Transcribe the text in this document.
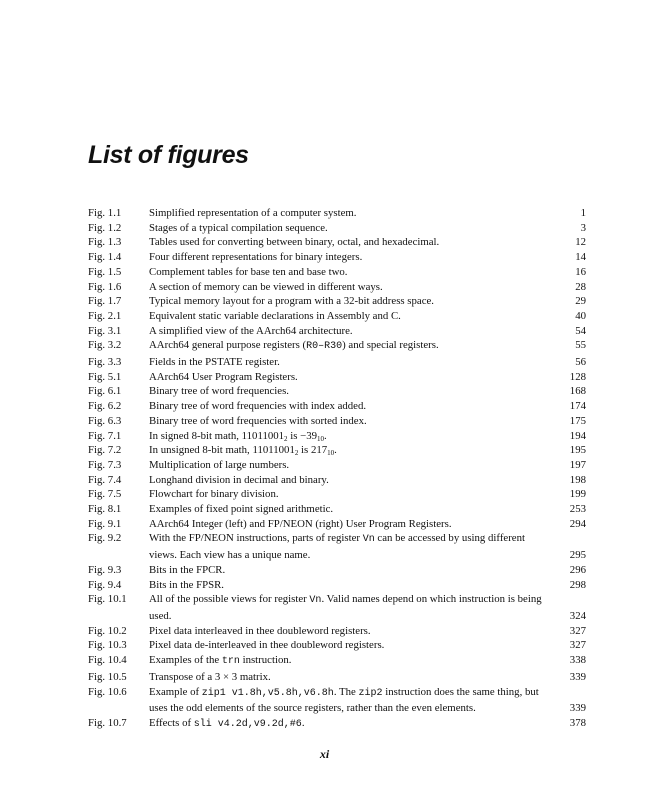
List of figures
Fig. 1.1	Simplified representation of a computer system.	1
Fig. 1.2	Stages of a typical compilation sequence.	3
Fig. 1.3	Tables used for converting between binary, octal, and hexadecimal.	12
Fig. 1.4	Four different representations for binary integers.	14
Fig. 1.5	Complement tables for base ten and base two.	16
Fig. 1.6	A section of memory can be viewed in different ways.	28
Fig. 1.7	Typical memory layout for a program with a 32-bit address space.	29
Fig. 2.1	Equivalent static variable declarations in Assembly and C.	40
Fig. 3.1	A simplified view of the AArch64 architecture.	54
Fig. 3.2	AArch64 general purpose registers (R0–R30) and special registers.	55
Fig. 3.3	Fields in the PSTATE register.	56
Fig. 5.1	AArch64 User Program Registers.	128
Fig. 6.1	Binary tree of word frequencies.	168
Fig. 6.2	Binary tree of word frequencies with index added.	174
Fig. 6.3	Binary tree of word frequencies with sorted index.	175
Fig. 7.1	In signed 8-bit math, $11011001_2$ is $-39_{10}$.	194
Fig. 7.2	In unsigned 8-bit math, $11011001_2$ is $217_{10}$.	195
Fig. 7.3	Multiplication of large numbers.	197
Fig. 7.4	Longhand division in decimal and binary.	198
Fig. 7.5	Flowchart for binary division.	199
Fig. 8.1	Examples of fixed point signed arithmetic.	253
Fig. 9.1	AArch64 Integer (left) and FP/NEON (right) User Program Registers.	294
Fig. 9.2	With the FP/NEON instructions, parts of register Vn can be accessed by using different views. Each view has a unique name.	295
Fig. 9.3	Bits in the FPCR.	296
Fig. 9.4	Bits in the FPSR.	298
Fig. 10.1	All of the possible views for register Vn. Valid names depend on which instruction is being used.	324
Fig. 10.2	Pixel data interleaved in thee doubleword registers.	327
Fig. 10.3	Pixel data de-interleaved in thee doubleword registers.	327
Fig. 10.4	Examples of the trn instruction.	338
Fig. 10.5	Transpose of a 3 × 3 matrix.	339
Fig. 10.6	Example of zip1 v1.8h,v5.8h,v6.8h. The zip2 instruction does the same thing, but uses the odd elements of the source registers, rather than the even elements.	339
Fig. 10.7	Effects of sli v4.2d,v9.2d,#6.	378
xi
